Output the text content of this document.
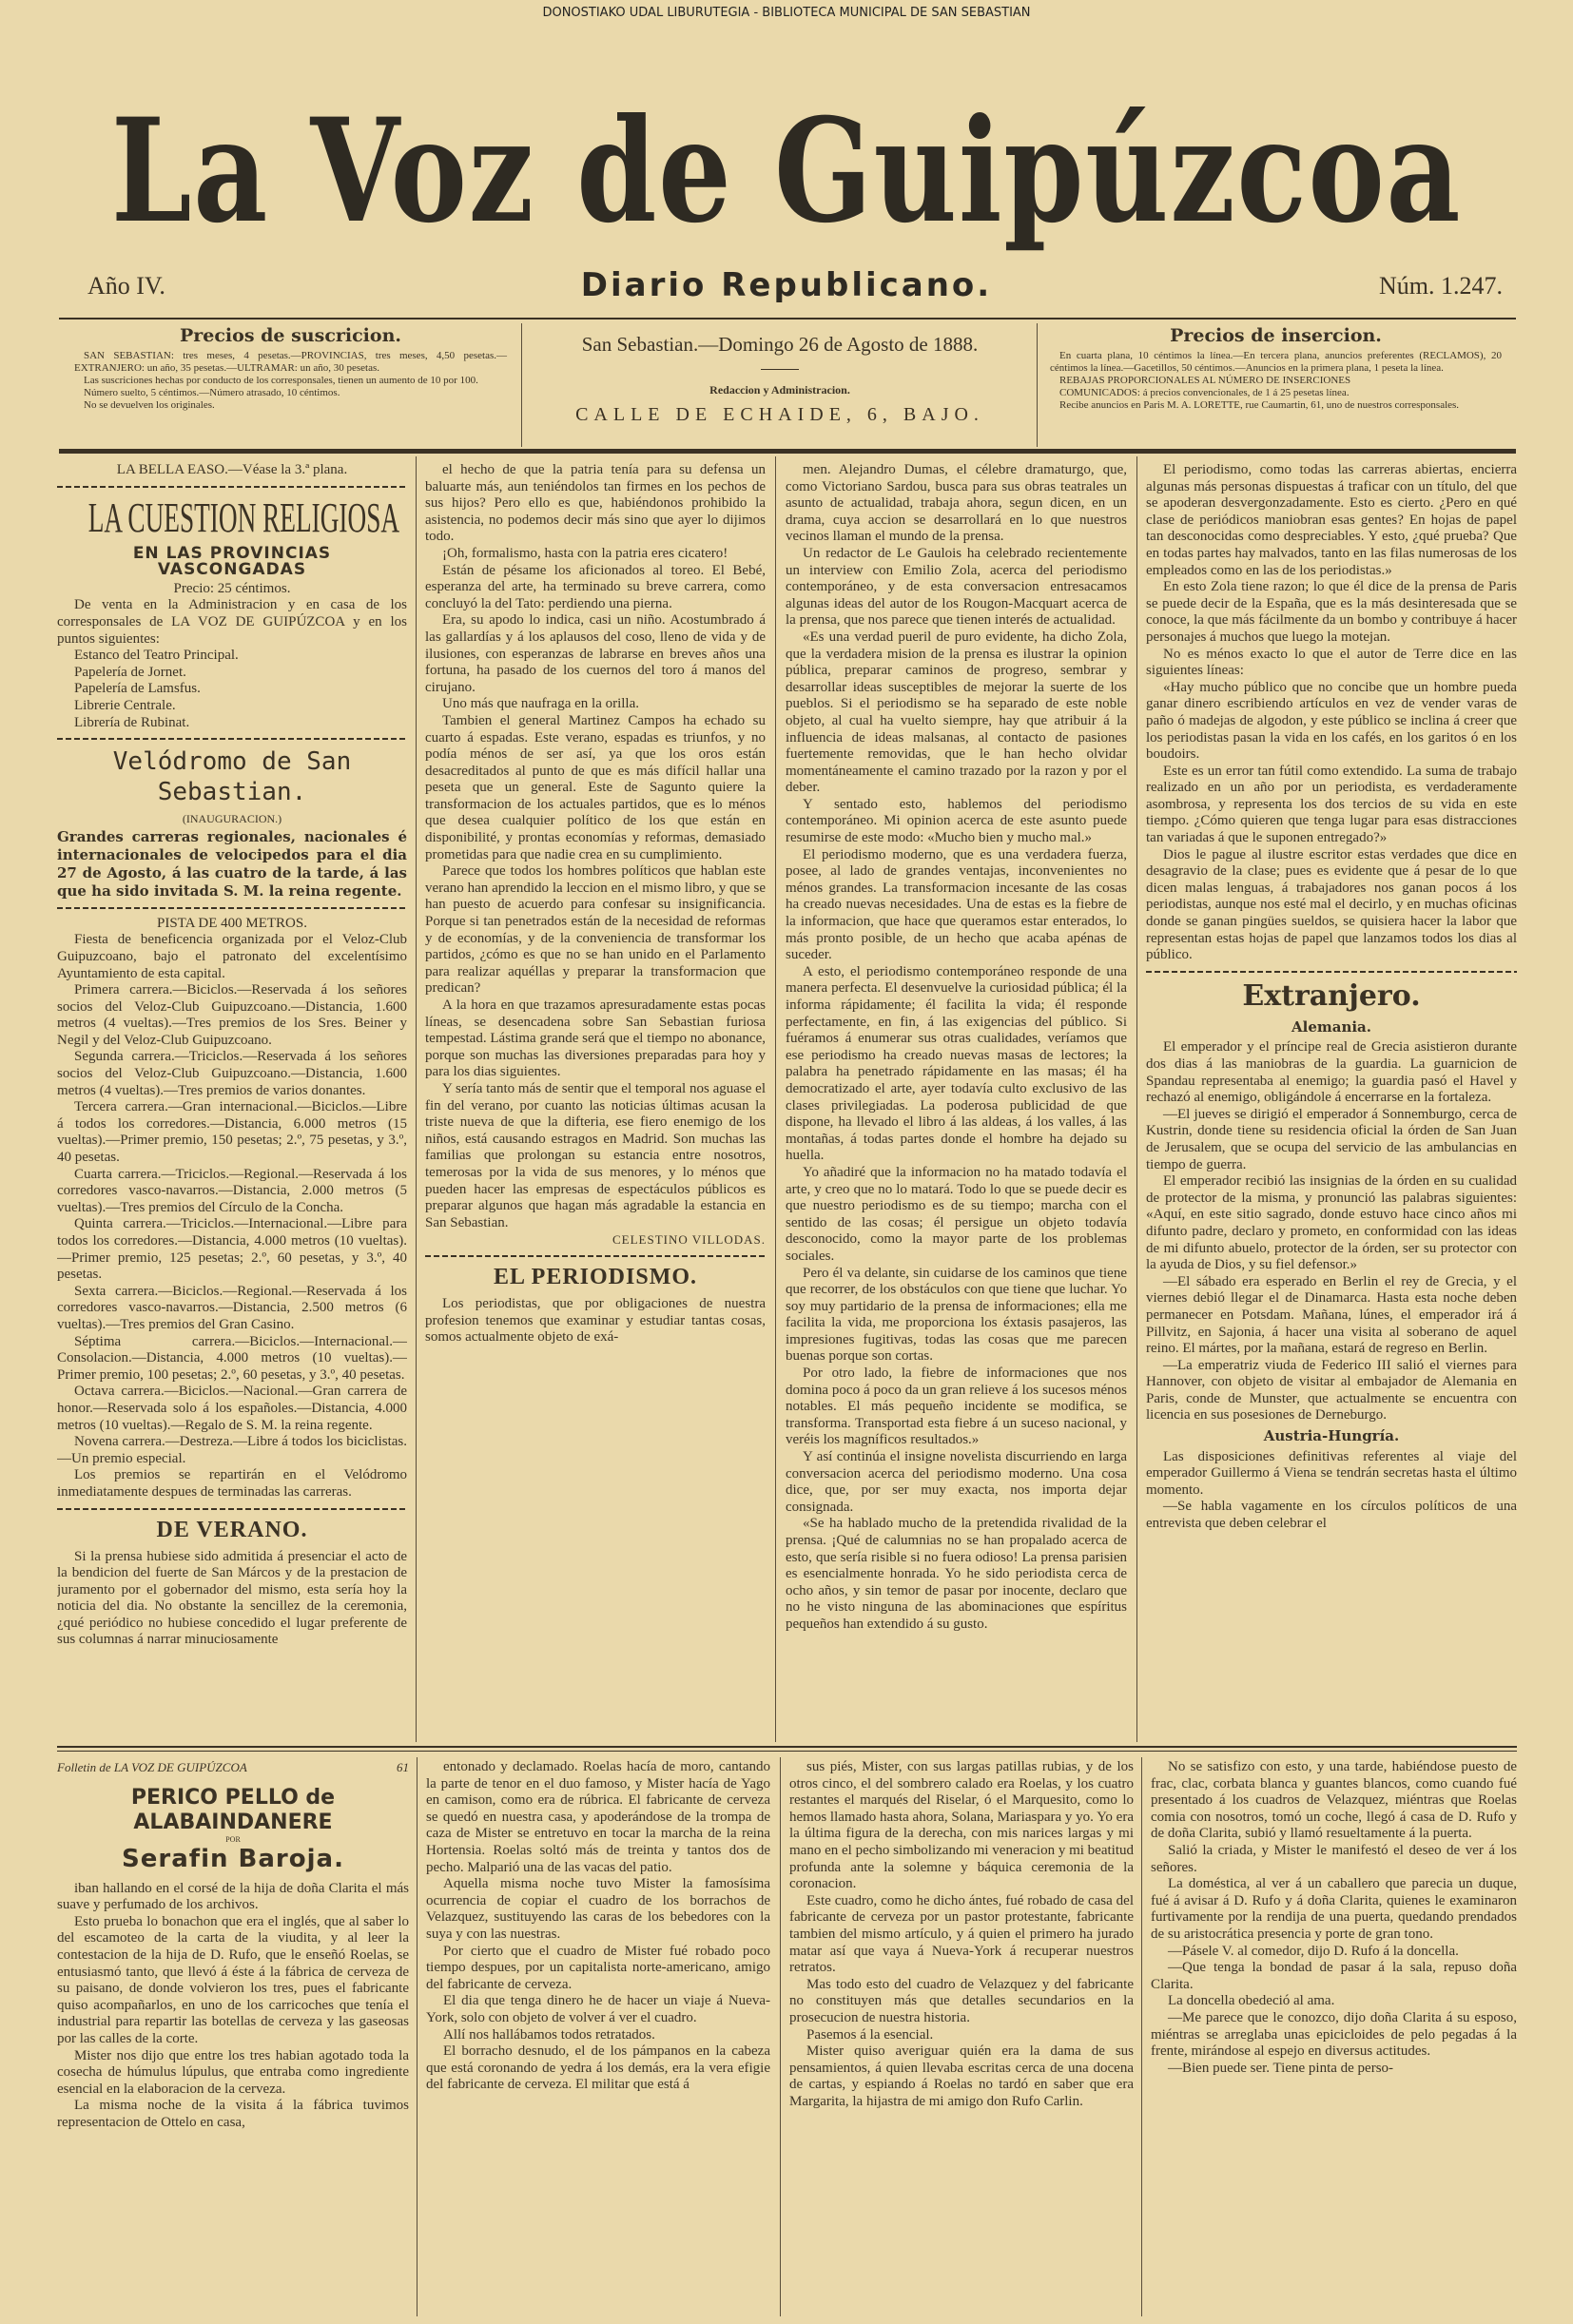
DONOSTIAKO UDAL LIBURUTEGIA - BIBLIOTECA MUNICIPAL DE SAN SEBASTIAN
La Voz de Guipúzcoa
Año IV.	Diario Republicano.	Núm. 1.247.
Precios de suscricion.

SAN SEBASTIAN: tres meses, 4 pesetas.—PROVINCIAS, tres meses, 4,50 pesetas.—EXTRANJERO: un año, 35 pesetas.—ULTRAMAR: un año, 30 pesetas.

Las suscriciones hechas por conducto de los corresponsales, tienen un aumento de 10 por 100.

Número suelto, 5 céntimos.—Número atrasado, 10 céntimos.

No se devuelven los originales.

San Sebastian.—Domingo 26 de Agosto de 1888.
Redaccion y Administracion.
CALLE DE ECHAIDE, 6, BAJO.
Precios de insercion.

En cuarta plana, 10 céntimos la línea.—En tercera plana, anuncios preferentes (RECLAMOS), 20 céntimos la línea.—Gacetillos, 50 céntimos.—Anuncios en la primera plana, 1 peseta la línea.

REBAJAS PROPORCIONALES AL NÚMERO DE INSERCIONES

COMUNICADOS: á precios convencionales, de 1 á 25 pesetas línea.

Recibe anuncios en Paris M. A. LORETTE, rue Caumartin, 61, uno de nuestros corresponsales.

LA BELLA EASO.—Véase la 3.ª plana.

LA CUESTION RELIGIOSA
EN LAS PROVINCIAS VASCONGADAS

Precio: 25 céntimos.

De venta en la Administracion y en casa de los corresponsales de LA VOZ DE GUIPÚZCOA y en los puntos siguientes:

Estanco del Teatro Principal.

Papelería de Jornet.

Papelería de Lamsfus.

Librerie Centrale.

Librería de Rubinat.

Velódromo de San Sebastian.

(INAUGURACION.)

Grandes carreras regionales, nacionales é internacionales de velocipedos para el dia 27 de Agosto, á las cuatro de la tarde, á las que ha sido invitada S. M. la reina regente.

PISTA DE 400 METROS.

Fiesta de beneficencia organizada por el Veloz-Club Guipuzcoano, bajo el patronato del excelentísimo Ayuntamiento de esta capital.

Primera carrera.—Biciclos.—Reservada á los señores socios del Veloz-Club Guipuzcoano.—Distancia, 1.600 metros (4 vueltas).—Tres premios de los Sres. Beiner y Negil y del Veloz-Club Guipuzcoano.

Segunda carrera.—Triciclos.—Reservada á los señores socios del Veloz-Club Guipuzcoano.—Distancia, 1.600 metros (4 vueltas).—Tres premios de varios donantes.

Tercera carrera.—Gran internacional.—Biciclos.—Libre á todos los corredores.—Distancia, 6.000 metros (15 vueltas).—Primer premio, 150 pesetas; 2.º, 75 pesetas, y 3.º, 40 pesetas.

Cuarta carrera.—Triciclos.—Regional.—Reservada á los corredores vasco-navarros.—Distancia, 2.000 metros (5 vueltas).—Tres premios del Círculo de la Concha.

Quinta carrera.—Triciclos.—Internacional.—Libre para todos los corredores.—Distancia, 4.000 metros (10 vueltas).—Primer premio, 125 pesetas; 2.º, 60 pesetas, y 3.º, 40 pesetas.

Sexta carrera.—Biciclos.—Regional.—Reservada á los corredores vasco-navarros.—Distancia, 2.500 metros (6 vueltas).—Tres premios del Gran Casino.

Séptima carrera.—Biciclos.—Internacional.—Consolacion.—Distancia, 4.000 metros (10 vueltas).—Primer premio, 100 pesetas; 2.º, 60 pesetas, y 3.º, 40 pesetas.

Octava carrera.—Biciclos.—Nacional.—Gran carrera de honor.—Reservada solo á los españoles.—Distancia, 4.000 metros (10 vueltas).—Regalo de S. M. la reina regente.

Novena carrera.—Destreza.—Libre á todos los biciclistas.—Un premio especial.

Los premios se repartirán en el Velódromo inmediatamente despues de terminadas las carreras.

DE VERANO.

Si la prensa hubiese sido admitida á presenciar el acto de la bendicion del fuerte de San Márcos y de la prestacion de juramento por el gobernador del mismo, esta sería hoy la noticia del dia. No obstante la sencillez de la ceremonia, ¿qué periódico no hubiese concedido el lugar preferente de sus columnas á narrar minuciosamente

el hecho de que la patria tenía para su defensa un baluarte más, aun teniéndolos tan firmes en los pechos de sus hijos? Pero ello es que, habiéndonos prohibido la asistencia, no podemos decir más sino que ayer lo dijimos todo.

¡Oh, formalismo, hasta con la patria eres cicatero!

Están de pésame los aficionados al toreo. El Bebé, esperanza del arte, ha terminado su breve carrera, como concluyó la del Tato: perdiendo una pierna.

Era, su apodo lo indica, casi un niño. Acostumbrado á las gallardías y á los aplausos del coso, lleno de vida y de ilusiones, con esperanzas de labrarse en breves años una fortuna, ha pasado de los cuernos del toro á manos del cirujano.

Uno más que naufraga en la orilla.

Tambien el general Martinez Campos ha echado su cuarto á espadas. Este verano, espadas es triunfos, y no podía ménos de ser así, ya que los oros están desacreditados al punto de que es más difícil hallar una peseta que un general. Este de Sagunto quiere la transformacion de los actuales partidos, que es lo ménos que desea cualquier político de los que están en disponibilité, y prontas economías y reformas, demasiado prometidas para que nadie crea en su cumplimiento.

Parece que todos los hombres políticos que hablan este verano han aprendido la leccion en el mismo libro, y que se han puesto de acuerdo para confesar su insignificancia. Porque si tan penetrados están de la necesidad de reformas y de economías, y de la conveniencia de transformar los partidos, ¿cómo es que no se han unido en el Parlamento para realizar aquéllas y preparar la transformacion que predican?

A la hora en que trazamos apresuradamente estas pocas líneas, se desencadena sobre San Sebastian furiosa tempestad. Lástima grande será que el tiempo no abonance, porque son muchas las diversiones preparadas para hoy y para los dias siguientes.

Y sería tanto más de sentir que el temporal nos aguase el fin del verano, por cuanto las noticias últimas acusan la triste nueva de que la difteria, ese fiero enemigo de los niños, está causando estragos en Madrid. Son muchas las familias que prolongan su estancia entre nosotros, temerosas por la vida de sus menores, y lo ménos que pueden hacer las empresas de espectáculos públicos es preparar algunos que hagan más agradable la estancia en San Sebastian.

CELESTINO VILLODAS.
EL PERIODISMO.

Los periodistas, que por obligaciones de nuestra profesion tenemos que examinar y estudiar tantas cosas, somos actualmente objeto de exá-

men. Alejandro Dumas, el célebre dramaturgo, que, como Victoriano Sardou, busca para sus obras teatrales un asunto de actualidad, trabaja ahora, segun dicen, en un drama, cuya accion se desarrollará en lo que nuestros vecinos llaman el mundo de la prensa.

Un redactor de Le Gaulois ha celebrado recientemente un interview con Emilio Zola, acerca del periodismo contemporáneo, y de esta conversacion entresacamos algunas ideas del autor de los Rougon-Macquart acerca de la prensa, que nos parece que tienen interés de actualidad.

«Es una verdad pueril de puro evidente, ha dicho Zola, que la verdadera mision de la prensa es ilustrar la opinion pública, preparar caminos de progreso, sembrar y desarrollar ideas susceptibles de mejorar la suerte de los pueblos. Si el periodismo se ha separado de este noble objeto, al cual ha vuelto siempre, hay que atribuir á la influencia de ideas malsanas, al contacto de pasiones fuertemente removidas, que le han hecho olvidar momentáneamente el camino trazado por la razon y por el deber.

Y sentado esto, hablemos del periodismo contemporáneo. Mi opinion acerca de este asunto puede resumirse de este modo: «Mucho bien y mucho mal.»

El periodismo moderno, que es una verdadera fuerza, posee, al lado de grandes ventajas, inconvenientes no ménos grandes. La transformacion incesante de las cosas ha creado nuevas necesidades. Una de estas es la fiebre de la informacion, que hace que queramos estar enterados, lo más pronto posible, de un hecho que acaba apénas de suceder.

A esto, el periodismo contemporáneo responde de una manera perfecta. El desenvuelve la curiosidad pública; él la informa rápidamente; él facilita la vida; él responde perfectamente, en fin, á las exigencias del público. Si fuéramos á enumerar sus otras cualidades, veríamos que ese periodismo ha creado nuevas masas de lectores; la palabra ha penetrado rápidamente en las masas; él ha democratizado el arte, ayer todavía culto exclusivo de las clases privilegiadas. La poderosa publicidad de que dispone, ha llevado el libro á las aldeas, á los valles, á las montañas, á todas partes donde el hombre ha dejado su huella.

Yo añadiré que la informacion no ha matado todavía el arte, y creo que no lo matará. Todo lo que se puede decir es que nuestro periodismo es de su tiempo; marcha con el sentido de las cosas; él persigue un objeto todavía desconocido, como la mayor parte de los problemas sociales.

Pero él va delante, sin cuidarse de los caminos que tiene que recorrer, de los obstáculos con que tiene que luchar. Yo soy muy partidario de la prensa de informaciones; ella me facilita la vida, me proporciona los éxtasis pasajeros, las impresiones fugitivas, todas las cosas que me parecen buenas porque son cortas.

Por otro lado, la fiebre de informaciones que nos domina poco á poco da un gran relieve á los sucesos ménos notables. El más pequeño incidente se modifica, se transforma. Transportad esta fiebre á un suceso nacional, y veréis los magníficos resultados.»

Y así continúa el insigne novelista discurriendo en larga conversacion acerca del periodismo moderno. Una cosa dice, que, por ser muy exacta, nos importa dejar consignada.

«Se ha hablado mucho de la pretendida rivalidad de la prensa. ¡Qué de calumnias no se han propalado acerca de esto, que sería risible si no fuera odioso! La prensa parisien es esencialmente honrada. Yo he sido periodista cerca de ocho años, y sin temor de pasar por inocente, declaro que no he visto ninguna de las abominaciones que espíritus pequeños han extendido á su gusto.

El periodismo, como todas las carreras abiertas, encierra algunas más personas dispuestas á traficar con un título, del que se apoderan desvergonzadamente. Esto es cierto. ¿Pero en qué clase de periódicos maniobran esas gentes? En hojas de papel tan desconocidas como despreciables. Y esto, ¿qué prueba? Que en todas partes hay malvados, tanto en las filas numerosas de los empleados como en las de los periodistas.»

En esto Zola tiene razon; lo que él dice de la prensa de Paris se puede decir de la España, que es la más desinteresada que se conoce, la que más fácilmente da un bombo y contribuye á hacer personajes á muchos que luego la motejan.

No es ménos exacto lo que el autor de Terre dice en las siguientes líneas:

«Hay mucho público que no concibe que un hombre pueda ganar dinero escribiendo artículos en vez de vender varas de paño ó madejas de algodon, y este público se inclina á creer que los periodistas pasan la vida en los cafés, en los garitos ó en los boudoirs.

Este es un error tan fútil como extendido. La suma de trabajo realizado en un año por un periodista, es verdaderamente asombrosa, y representa los dos tercios de su vida en este tiempo. ¿Cómo quieren que tenga lugar para esas distracciones tan variadas á que le suponen entregado?»

Dios le pague al ilustre escritor estas verdades que dice en desagravio de la clase; pues es evidente que á pesar de lo que dicen malas lenguas, á trabajadores nos ganan pocos á los periodistas, aunque nos esté mal el decirlo, y en muchas oficinas donde se ganan pingües sueldos, se quisiera hacer la labor que representan estas hojas de papel que lanzamos todos los dias al público.

Extranjero.
Alemania.

El emperador y el príncipe real de Grecia asistieron durante dos dias á las maniobras de la guardia. La guarnicion de Spandau representaba al enemigo; la guardia pasó el Havel y rechazó al enemigo, obligándole á encerrarse en la fortaleza.

—El jueves se dirigió el emperador á Sonnemburgo, cerca de Kustrin, donde tiene su residencia oficial la órden de San Juan de Jerusalem, que se ocupa del servicio de las ambulancias en tiempo de guerra.

El emperador recibió las insignias de la órden en su cualidad de protector de la misma, y pronunció las palabras siguientes: «Aquí, en este sitio sagrado, donde estuvo hace cinco años mi difunto padre, declaro y prometo, en conformidad con las ideas de mi difunto abuelo, protector de la órden, ser su protector con la ayuda de Dios, y su fiel defensor.»

—El sábado era esperado en Berlin el rey de Grecia, y el viernes debió llegar el de Dinamarca. Hasta esta noche deben permanecer en Potsdam. Mañana, lúnes, el emperador irá á Pillvitz, en Sajonia, á hacer una visita al soberano de aquel reino. El mártes, por la mañana, estará de regreso en Berlin.

—La emperatriz viuda de Federico III salió el viernes para Hannover, con objeto de visitar al embajador de Alemania en Paris, conde de Munster, que actualmente se encuentra con licencia en sus posesiones de Derneburgo.

Austria-Hungría.

Las disposiciones definitivas referentes al viaje del emperador Guillermo á Viena se tendrán secretas hasta el último momento.

—Se habla vagamente en los círculos políticos de una entrevista que deben celebrar el

Folletin de LA VOZ DE GUIPÚZCOA	61
PERICO PELLO de ALABAINDANERE
POR
Serafin Baroja.

iban hallando en el corsé de la hija de doña Clarita el más suave y perfumado de los archivos.

Esto prueba lo bonachon que era el inglés, que al saber lo del escamoteo de la carta de la viudita, y al leer la contestacion de la hija de D. Rufo, que le enseñó Roelas, se entusiasmó tanto, que llevó á éste á la fábrica de cerveza de su paisano, de donde volvieron los tres, pues el fabricante quiso acompañarlos, en uno de los carricoches que tenía el industrial para repartir las botellas de cerveza y las gaseosas por las calles de la corte.

Mister nos dijo que entre los tres habian agotado toda la cosecha de húmulus lúpulus, que entraba como ingrediente esencial en la elaboracion de la cerveza.

La misma noche de la visita á la fábrica tuvimos representacion de Ottelo en casa,

entonado y declamado. Roelas hacía de moro, cantando la parte de tenor en el duo famoso, y Mister hacía de Yago en camison, como era de rúbrica. El fabricante de cerveza se quedó en nuestra casa, y apoderándose de la trompa de caza de Mister se entretuvo en tocar la marcha de la reina Hortensia. Roelas soltó más de treinta y tantos dos de pecho. Malparió una de las vacas del patio.

Aquella misma noche tuvo Mister la famosísima ocurrencia de copiar el cuadro de los borrachos de Velazquez, sustituyendo las caras de los bebedores con la suya y con las nuestras.

Por cierto que el cuadro de Mister fué robado poco tiempo despues, por un capitalista norte-americano, amigo del fabricante de cerveza.

El dia que tenga dinero he de hacer un viaje á Nueva-York, solo con objeto de volver á ver el cuadro.

Allí nos hallábamos todos retratados.

El borracho desnudo, el de los pámpanos en la cabeza que está coronando de yedra á los demás, era la vera efigie del fabricante de cerveza. El militar que está á

sus piés, Mister, con sus largas patillas rubias, y de los otros cinco, el del sombrero calado era Roelas, y los cuatro restantes el marqués del Riselar, ó el Marquesito, como lo hemos llamado hasta ahora, Solana, Mariaspara y yo. Yo era la última figura de la derecha, con mis narices largas y mi mano en el pecho simbolizando mi veneracion y mi beatitud profunda ante la solemne y báquica ceremonia de la coronacion.

Este cuadro, como he dicho ántes, fué robado de casa del fabricante de cerveza por un pastor protestante, fabricante tambien del mismo artículo, y á quien el primero ha jurado matar así que vaya á Nueva-York á recuperar nuestros retratos.

Mas todo esto del cuadro de Velazquez y del fabricante no constituyen más que detalles secundarios en la prosecucion de nuestra historia.

Pasemos á la esencial.

Mister quiso averiguar quién era la dama de sus pensamientos, á quien llevaba escritas cerca de una docena de cartas, y espiando á Roelas no tardó en saber que era Margarita, la hijastra de mi amigo don Rufo Carlin.

No se satisfizo con esto, y una tarde, habiéndose puesto de frac, clac, corbata blanca y guantes blancos, como cuando fué presentado á los cuadros de Velazquez, miéntras que Roelas comia con nosotros, tomó un coche, llegó á casa de D. Rufo y de doña Clarita, subió y llamó resueltamente á la puerta.

Salió la criada, y Mister le manifestó el deseo de ver á los señores.

La doméstica, al ver á un caballero que parecia un duque, fué á avisar á D. Rufo y á doña Clarita, quienes le examinaron furtivamente por la rendija de una puerta, quedando prendados de su aristocrática presencia y porte de gran tono.

—Pásele V. al comedor, dijo D. Rufo á la doncella.

—Que tenga la bondad de pasar á la sala, repuso doña Clarita.

La doncella obedeció al ama.

—Me parece que le conozco, dijo doña Clarita á su esposo, miéntras se arreglaba unas epicicloides de pelo pegadas á la frente, mirándose al espejo en diversus actitudes.

—Bien puede ser. Tiene pinta de perso-
